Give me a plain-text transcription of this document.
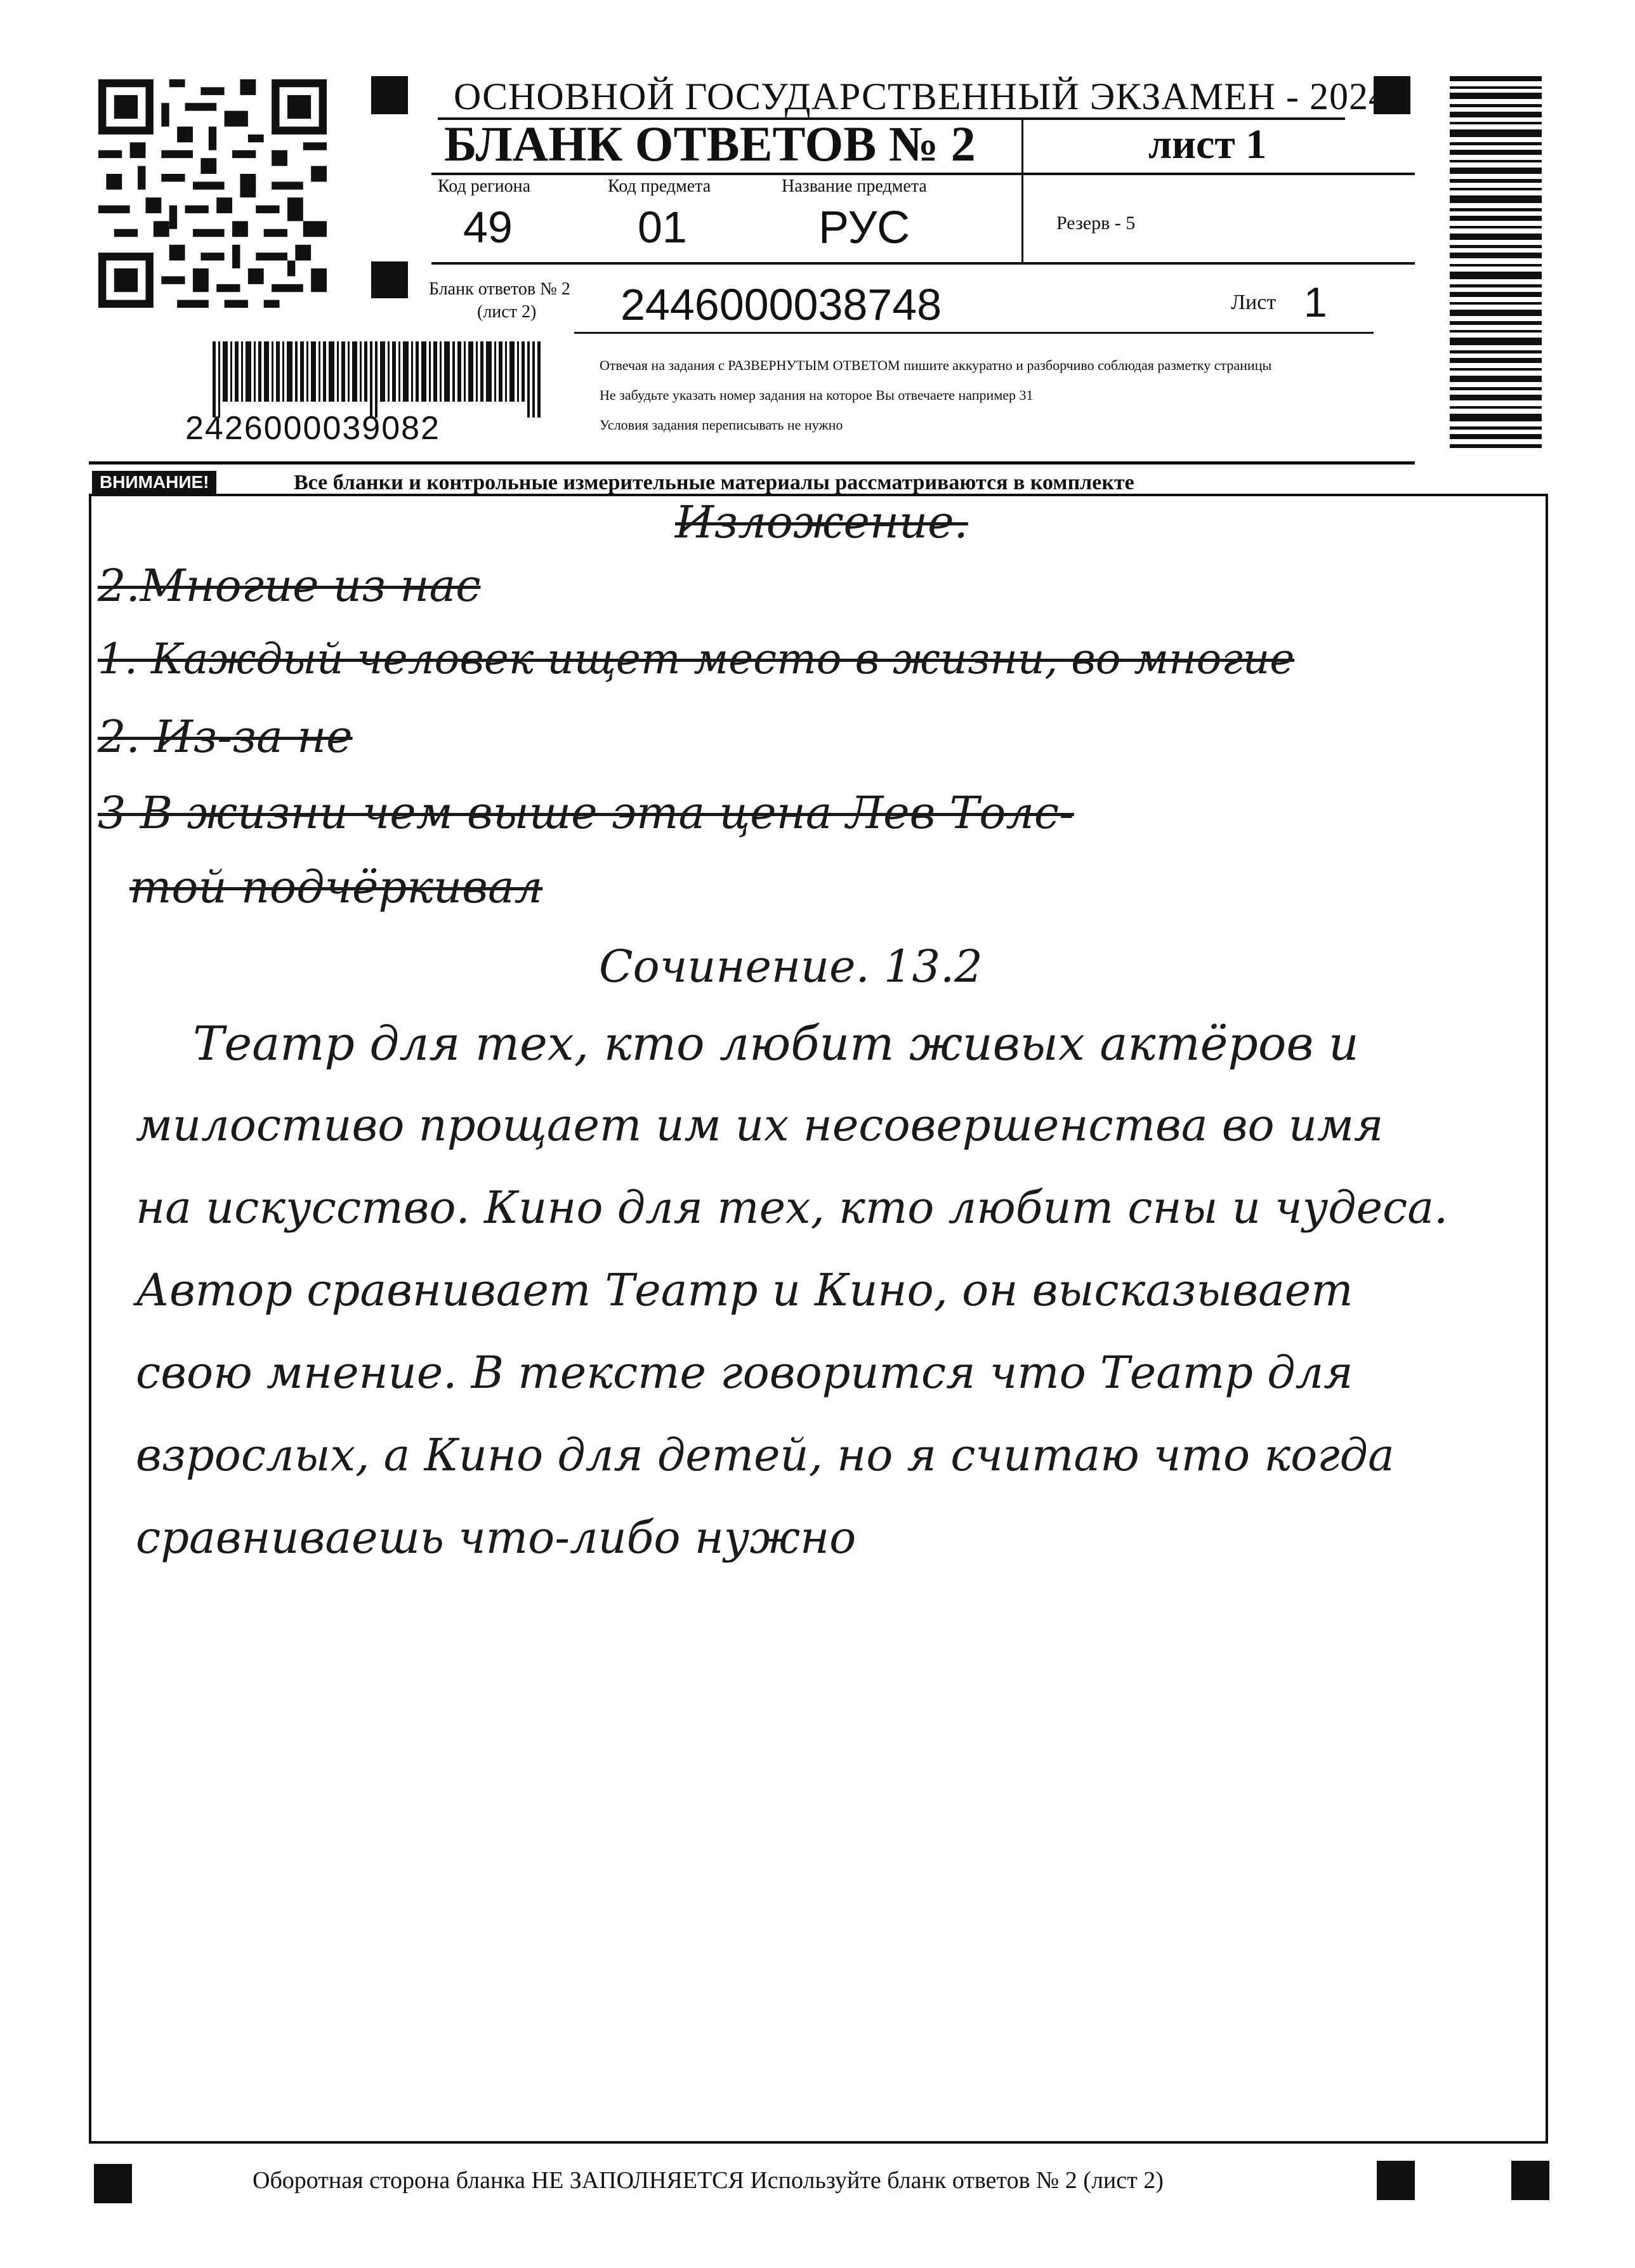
ОСНОВНОЙ ГОСУДАРСТВЕННЫЙ ЭКЗАМЕН - 2024
БЛАНК ОТВЕТОВ № 2	лист 1
Код региона
49
Код предмета
01
Название предмета
РУС	Резерв - 5
Бланк ответов № 2
(лист 2) 2446000038748	Лист 1
2426000039082
Отвечая на задания с РАЗВЕРНУТЫМ ОТВЕТОМ пишите аккуратно и разборчиво соблюдая разметку страницы
Не забудьте указать номер задания на которое Вы отвечаете например 31
Условия задания переписывать не нужно
ВНИМАНИЕ!	Все бланки и контрольные измерительные материалы рассматриваются в комплекте
Изложение.
2.Многие из нас
1. Каждый человек ищет место в жизни, во многие
2. Из-за не
3 В жизни чем выше эта цена Лев Толс-
той подчёркивал
Сочинение. 13.2
Театр для тех, кто любит живых актёров и
милостиво прощает им их несовершенства во имя
на искусство. Кино для тех, кто любит сны и чудеса.
Автор сравнивает Театр и Кино, он высказывает
свою мнение. В тексте говорится что Театр для
взрослых, а Кино для детей, но я считаю что когда
сравниваешь что-либо нужно
Оборотная сторона бланка НЕ ЗАПОЛНЯЕТСЯ Используйте бланк ответов № 2 (лист 2)
